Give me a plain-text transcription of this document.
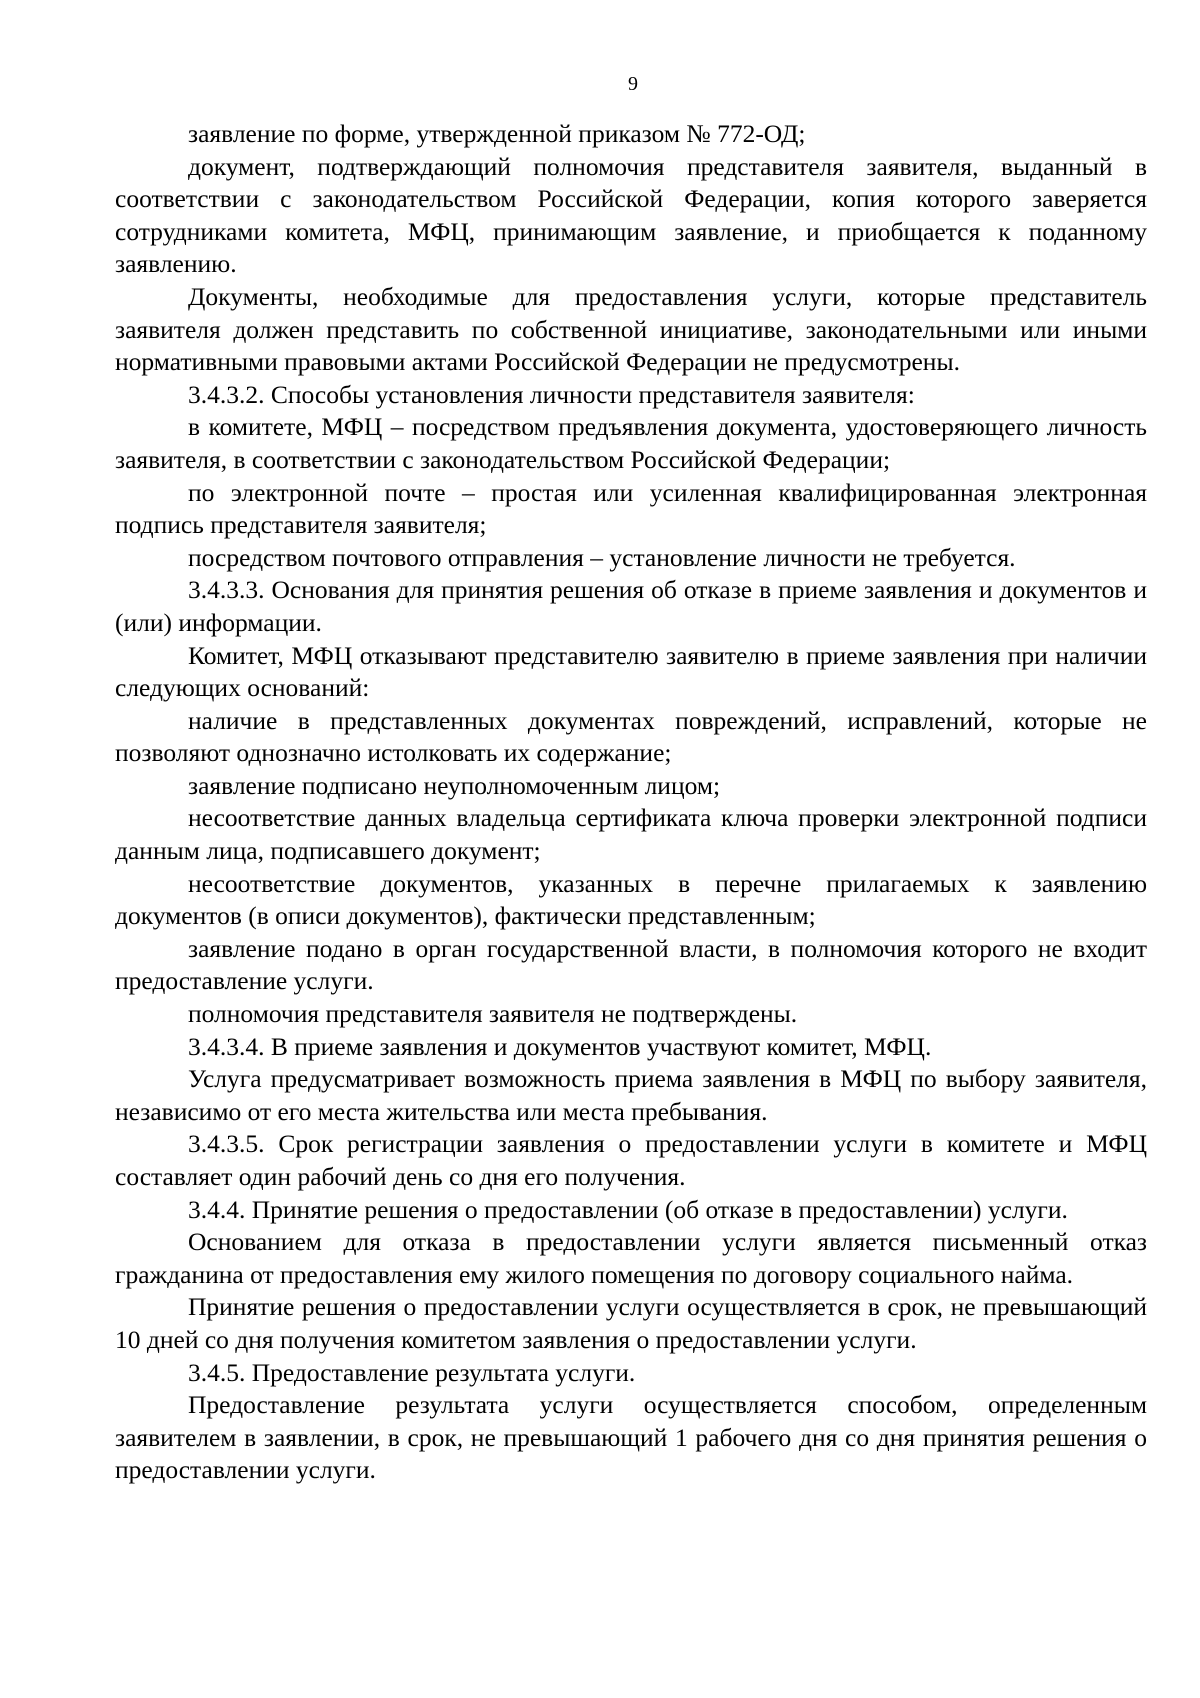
9

заявление по форме, утвержденной приказом № 772-ОД;

документ, подтверждающий полномочия представителя заявителя, выданный в соответствии с законодательством Российской Федерации, копия которого заверяется сотрудниками комитета, МФЦ, принимающим заявление, и приобщается к поданному заявлению.

Документы, необходимые для предоставления услуги, которые представитель заявителя должен представить по собственной инициативе, законодательными или иными нормативными правовыми актами Российской Федерации не предусмотрены.

3.4.3.2. Способы установления личности представителя заявителя:

в комитете, МФЦ – посредством предъявления документа, удостоверяющего личность заявителя, в соответствии с законодательством Российской Федерации;

по электронной почте – простая или усиленная квалифицированная электронная подпись представителя заявителя;

посредством почтового отправления – установление личности не требуется.

3.4.3.3. Основания для принятия решения об отказе в приеме заявления и документов и (или) информации.

Комитет, МФЦ отказывают представителю заявителю в приеме заявления при наличии следующих оснований:

наличие в представленных документах повреждений, исправлений, которые не позволяют однозначно истолковать их содержание;

заявление подписано неуполномоченным лицом;

несоответствие данных владельца сертификата ключа проверки электронной подписи данным лица, подписавшего документ;

несоответствие документов, указанных в перечне прилагаемых к заявлению документов (в описи документов), фактически представленным;

заявление подано в орган государственной власти, в полномочия которого не входит предоставление услуги.

полномочия представителя заявителя не подтверждены.

3.4.3.4. В приеме заявления и документов участвуют комитет, МФЦ.

Услуга предусматривает возможность приема заявления в МФЦ по выбору заявителя, независимо от его места жительства или места пребывания.

3.4.3.5. Срок регистрации заявления о предоставлении услуги в комитете и МФЦ составляет один рабочий день со дня его получения.

3.4.4. Принятие решения о предоставлении (об отказе в предоставлении) услуги.

Основанием для отказа в предоставлении услуги является письменный отказ гражданина от предоставления ему жилого помещения по договору социального найма.

Принятие решения о предоставлении услуги осуществляется в срок, не превышающий 10 дней со дня получения комитетом заявления о предоставлении услуги.

3.4.5. Предоставление результата услуги.

Предоставление результата услуги осуществляется способом, определенным заявителем в заявлении, в срок, не превышающий 1 рабочего дня со дня принятия решения о предоставлении услуги.
